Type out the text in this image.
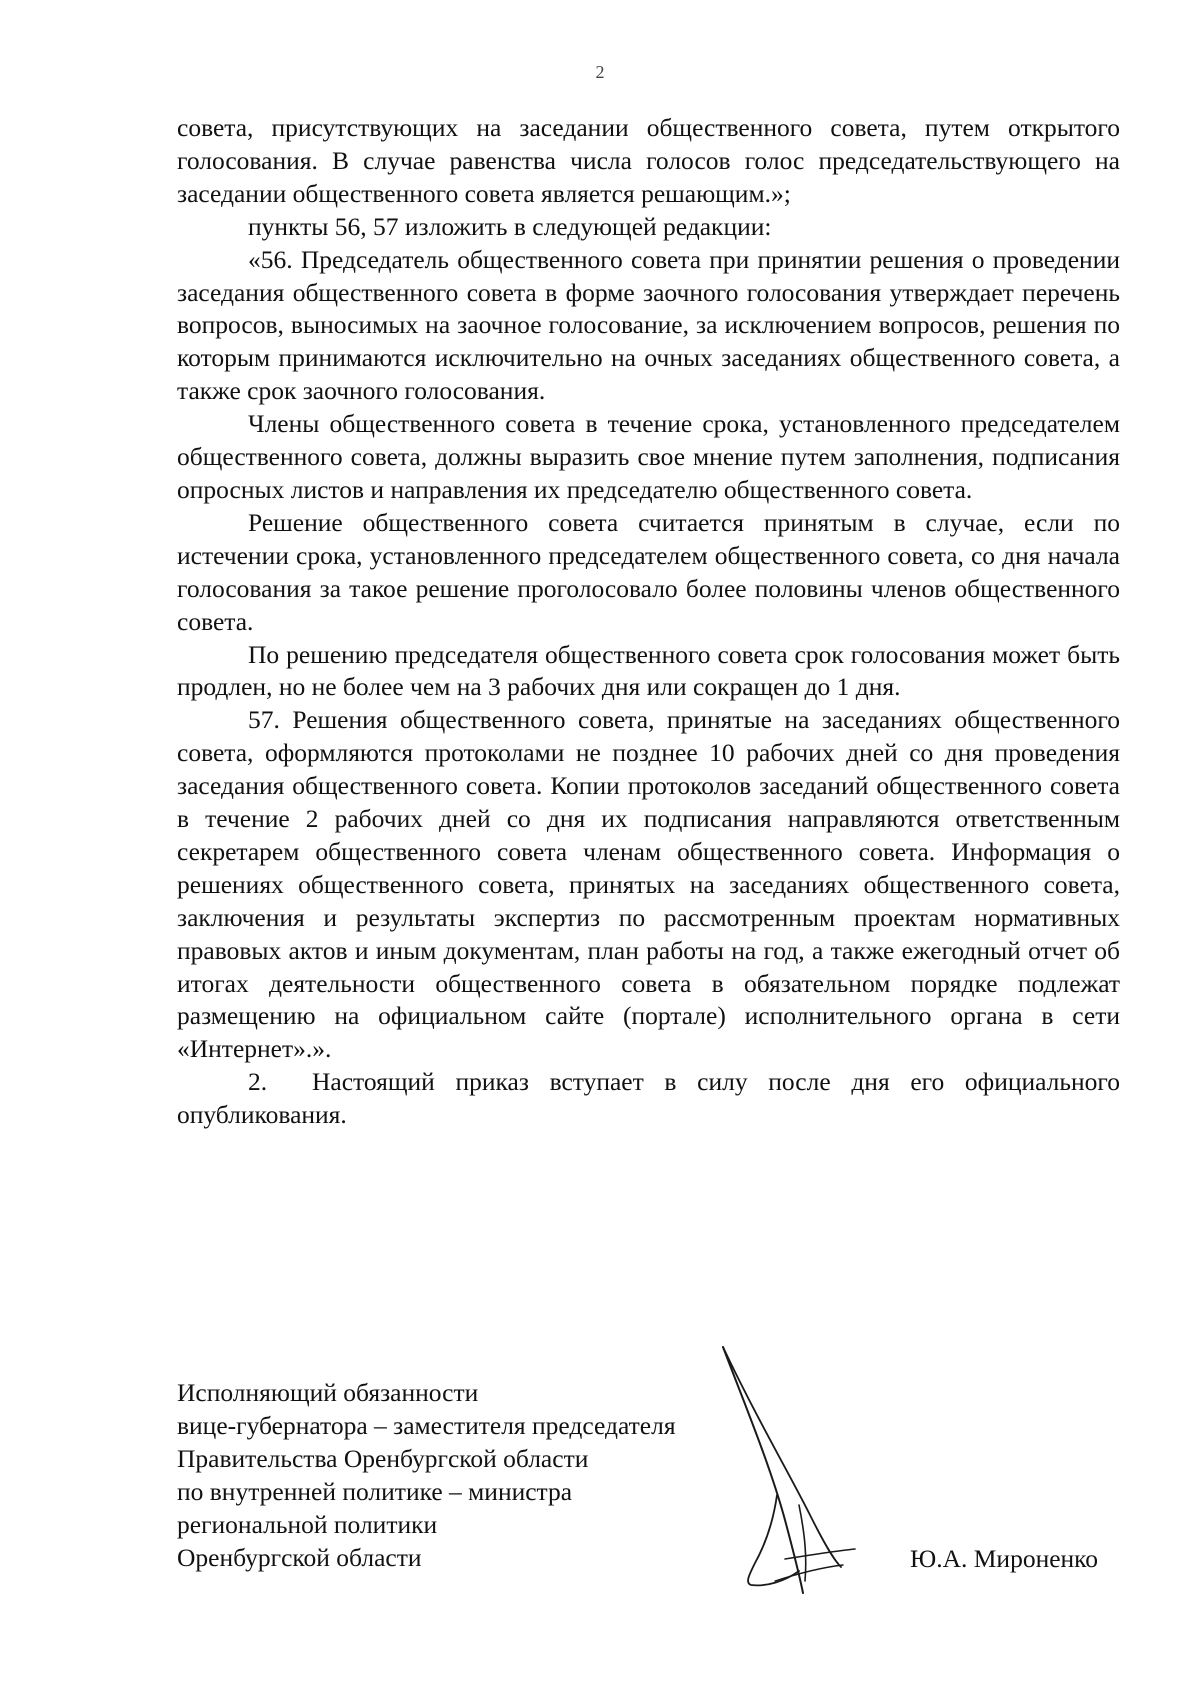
2

совета, присутствующих на заседании общественного совета, путем открытого голосования. В случае равенства числа голосов голос председательствующего на заседании общественного совета является решающим.»;

пункты 56, 57 изложить в следующей редакции:

«56. Председатель общественного совета при принятии решения о проведении заседания общественного совета в форме заочного голосования утверждает перечень вопросов, выносимых на заочное голосование, за исключением вопросов, решения по которым принимаются исключительно на очных заседаниях общественного совета, а также срок заочного голосования.

Члены общественного совета в течение срока, установленного председателем общественного совета, должны выразить свое мнение путем заполнения, подписания опросных листов и направления их председателю общественного совета.

Решение общественного совета считается принятым в случае, если по истечении срока, установленного председателем общественного совета, со дня начала голосования за такое решение проголосовало более половины членов общественного совета.

По решению председателя общественного совета срок голосования может быть продлен, но не более чем на 3 рабочих дня или сокращен до 1 дня.

57. Решения общественного совета, принятые на заседаниях общественного совета, оформляются протоколами не позднее 10 рабочих дней со дня проведения заседания общественного совета. Копии протоколов заседаний общественного совета в течение 2 рабочих дней со дня их подписания направляются ответственным секретарем общественного совета членам общественного совета. Информация о решениях общественного совета, принятых на заседаниях общественного совета, заключения и результаты экспертиз по рассмотренным проектам нормативных правовых актов и иным документам, план работы на год, а также ежегодный отчет об итогах деятельности общественного совета в обязательном порядке подлежат размещению на официальном сайте (портале) исполнительного органа в сети «Интернет».».

2. Настоящий приказ вступает в силу после дня его официального опубликования.

Исполняющий обязанности
вице-губернатора – заместителя председателя
Правительства Оренбургской области
по внутренней политике – министра
региональной политики
Оренбургской области	Ю.А. Мироненко
